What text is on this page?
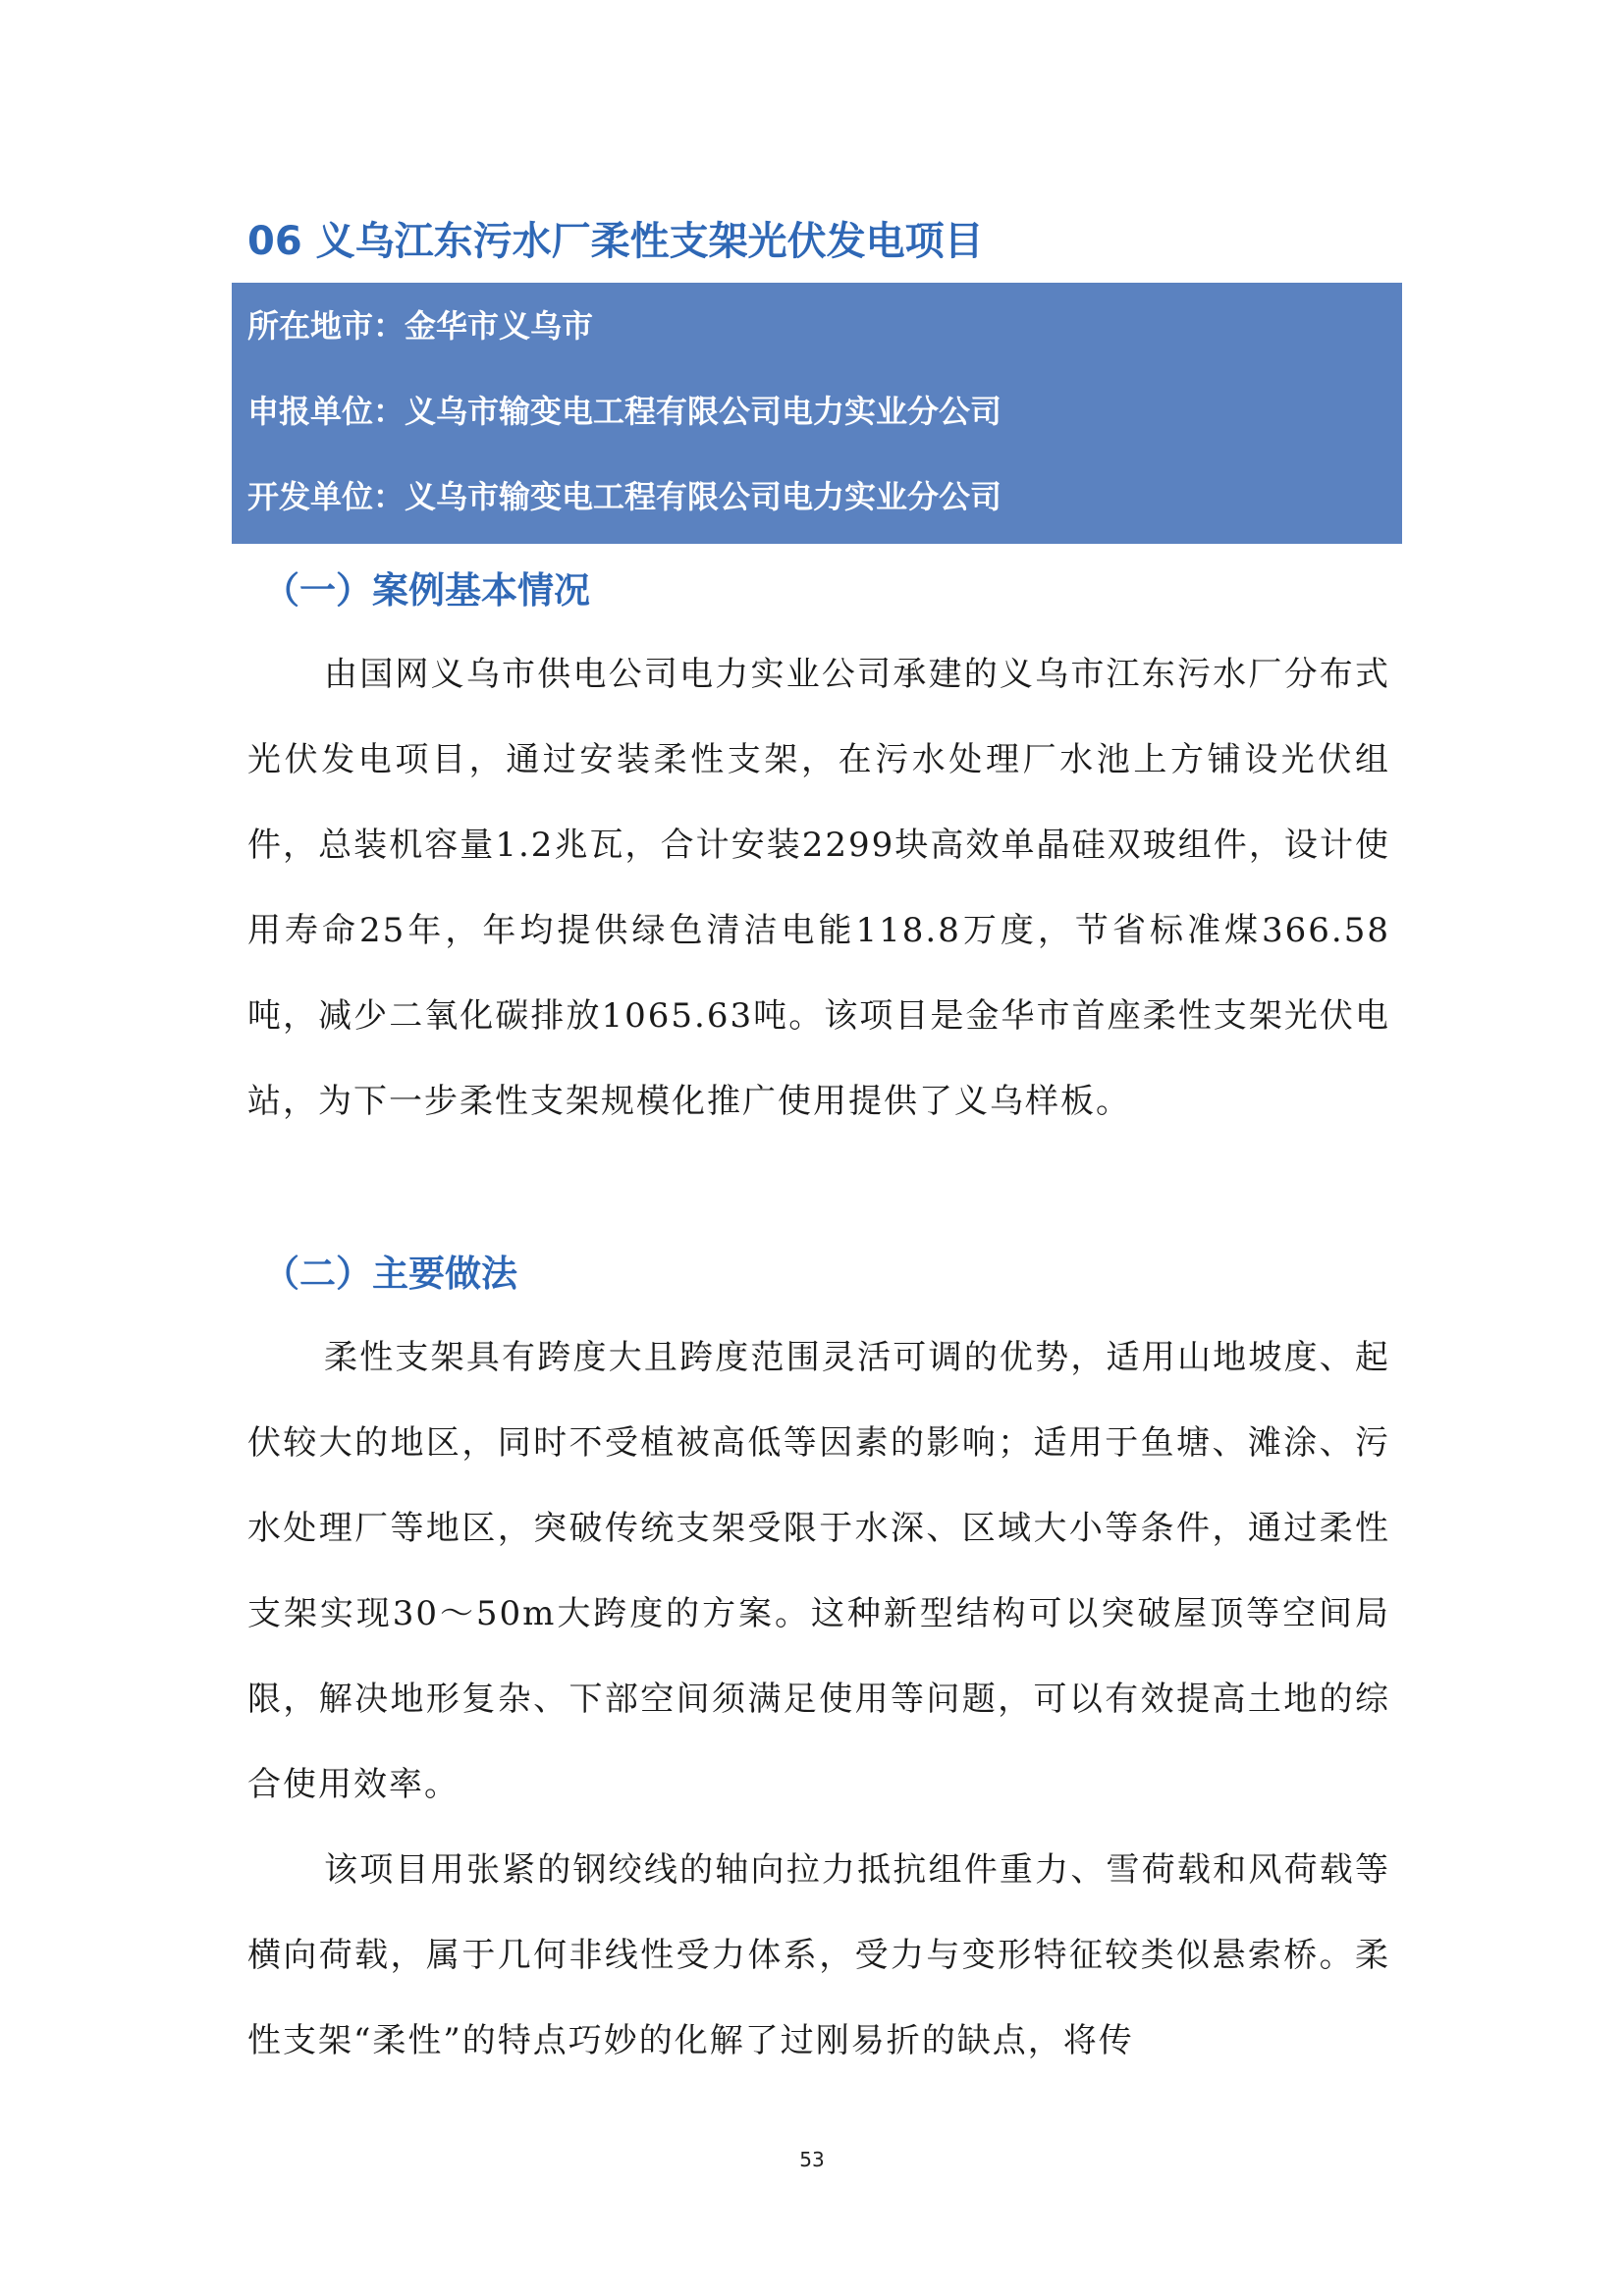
06 义乌江东污水厂柔性支架光伏发电项目
所在地市：金华市义乌市
申报单位：义乌市输变电工程有限公司电力实业分公司
开发单位：义乌市输变电工程有限公司电力实业分公司
（一）案例基本情况

由国网义乌市供电公司电力实业公司承建的义乌市江东污水厂分布式光伏发电项目，通过安装柔性支架，在污水处理厂水池上方铺设光伏组件，总装机容量1.2兆瓦，合计安装2299块高效单晶硅双玻组件，设计使用寿命25年，年均提供绿色清洁电能118.8万度，节省标准煤366.58吨，减少二氧化碳排放1065.63吨。该项目是金华市首座柔性支架光伏电站，为下一步柔性支架规模化推广使用提供了义乌样板。

（二）主要做法

柔性支架具有跨度大且跨度范围灵活可调的优势，适用山地坡度、起伏较大的地区，同时不受植被高低等因素的影响；适用于鱼塘、滩涂、污水处理厂等地区，突破传统支架受限于水深、区域大小等条件，通过柔性支架实现30～50m大跨度的方案。这种新型结构可以突破屋顶等空间局限，解决地形复杂、下部空间须满足使用等问题，可以有效提高土地的综合使用效率。

该项目用张紧的钢绞线的轴向拉力抵抗组件重力、雪荷载和风荷载等横向荷载，属于几何非线性受力体系，受力与变形特征较类似悬索桥。柔性支架“柔性”的特点巧妙的化解了过刚易折的缺点，将传

53
